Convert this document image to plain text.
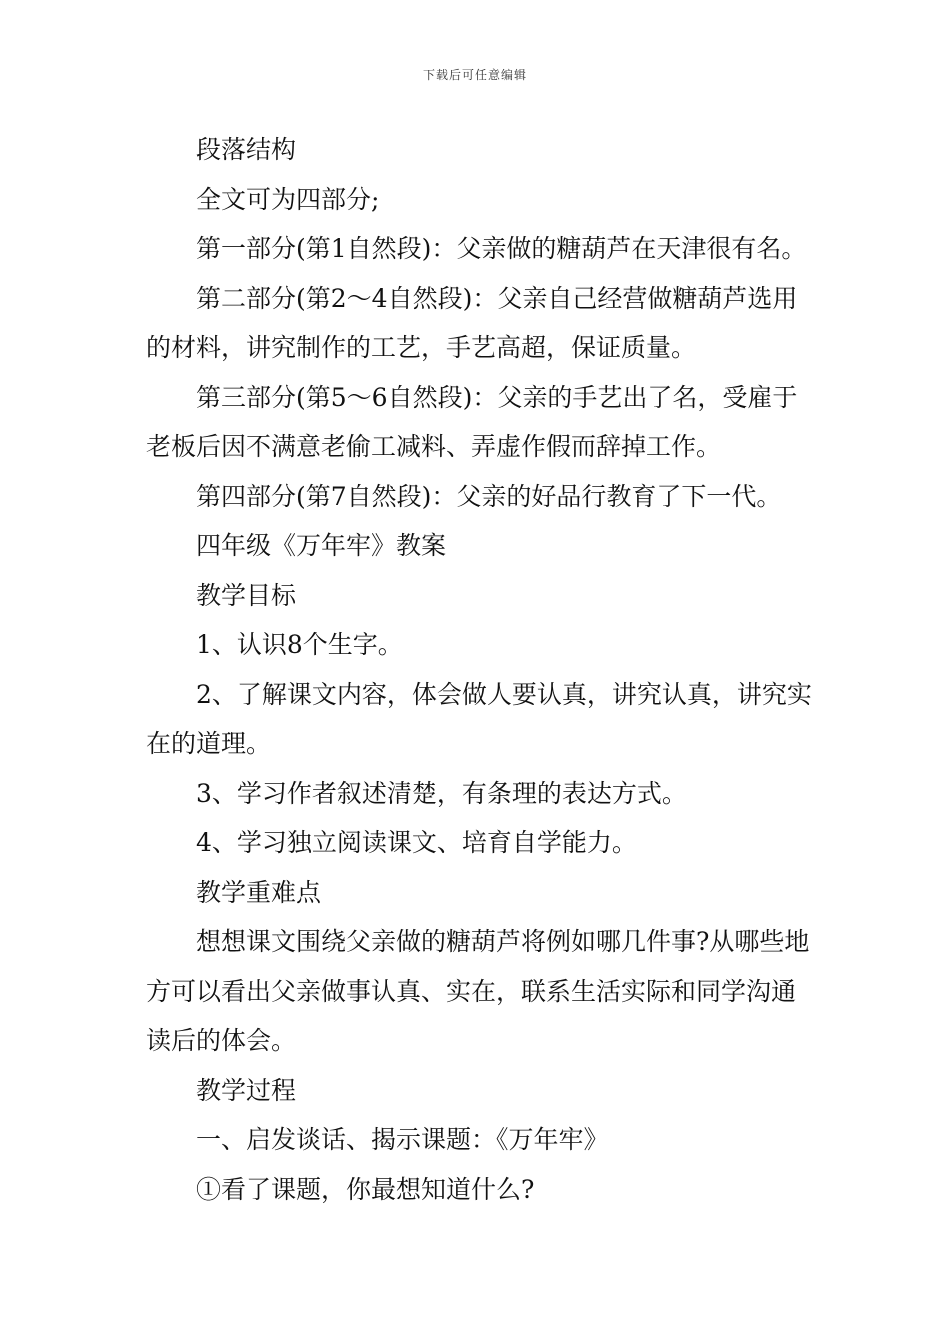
下载后可任意编辑

段落结构

全文可为四部分;

第一部分(第1自然段)：父亲做的糖葫芦在天津很有名。

第二部分(第2～4自然段)：父亲自己经营做糖葫芦选用的材料，讲究制作的工艺，手艺高超，保证质量。

第三部分(第5～6自然段)：父亲的手艺出了名，受雇于老板后因不满意老偷工减料、弄虚作假而辞掉工作。

第四部分(第7自然段)：父亲的好品行教育了下一代。

四年级《万年牢》教案

教学目标

1、认识8个生字。

2、了解课文内容，体会做人要认真，讲究认真，讲究实在的道理。

3、学习作者叙述清楚，有条理的表达方式。

4、学习独立阅读课文、培育自学能力。

教学重难点

想想课文围绕父亲做的糖葫芦将例如哪几件事?从哪些地方可以看出父亲做事认真、实在，联系生活实际和同学沟通读后的体会。

教学过程

一、启发谈话、揭示课题：《万年牢》

①看了课题，你最想知道什么?
